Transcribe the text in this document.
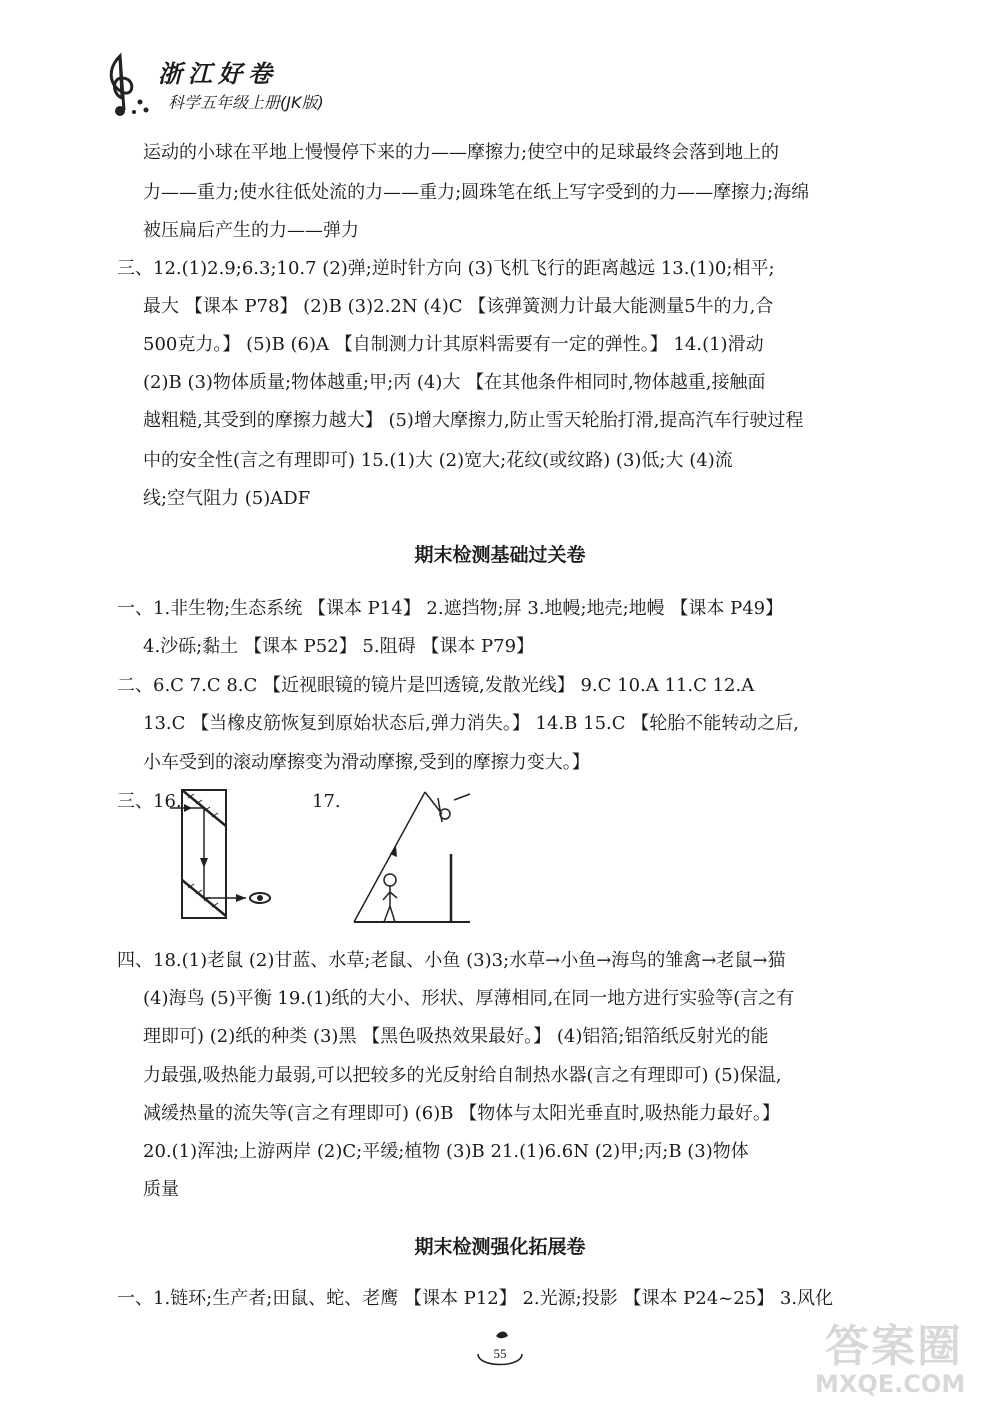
浙江好卷
科学五年级上册(JK版)
运动的小球在平地上慢慢停下来的力——摩擦力;使空中的足球最终会落到地上的
力——重力;使水往低处流的力——重力;圆珠笔在纸上写字受到的力——摩擦力;海绵
被压扁后产生的力——弹力
三、12.(1)2.9;6.3;10.7 (2)弹;逆时针方向 (3)飞机飞行的距离越远 13.(1)0;相平;
最大 【课本 P78】 (2)B (3)2.2N (4)C 【该弹簧测力计最大能测量5牛的力,合
500克力。】 (5)B (6)A 【自制测力计其原料需要有一定的弹性。】 14.(1)滑动
(2)B (3)物体质量;物体越重;甲;丙 (4)大 【在其他条件相同时,物体越重,接触面
越粗糙,其受到的摩擦力越大】 (5)增大摩擦力,防止雪天轮胎打滑,提高汽车行驶过程
中的安全性(言之有理即可) 15.(1)大 (2)宽大;花纹(或纹路) (3)低;大 (4)流
线;空气阻力 (5)ADF
期末检测基础过关卷
一、1.非生物;生态系统 【课本 P14】 2.遮挡物;屏 3.地幔;地壳;地幔 【课本 P49】
4.沙砾;黏土 【课本 P52】 5.阻碍 【课本 P79】
二、6.C 7.C 8.C 【近视眼镜的镜片是凹透镜,发散光线】 9.C 10.A 11.C 12.A
13.C 【当橡皮筋恢复到原始状态后,弹力消失。】 14.B 15.C 【轮胎不能转动之后,
小车受到的滚动摩擦变为滑动摩擦,受到的摩擦力变大。】
三、16.	17.
四、18.(1)老鼠 (2)甘蓝、水草;老鼠、小鱼 (3)3;水草→小鱼→海鸟的雏禽→老鼠→猫
(4)海鸟 (5)平衡 19.(1)纸的大小、形状、厚薄相同,在同一地方进行实验等(言之有
理即可) (2)纸的种类 (3)黑 【黑色吸热效果最好。】 (4)铝箔;铝箔纸反射光的能
力最强,吸热能力最弱,可以把较多的光反射给自制热水器(言之有理即可) (5)保温,
减缓热量的流失等(言之有理即可) (6)B 【物体与太阳光垂直时,吸热能力最好。】
20.(1)浑浊;上游两岸 (2)C;平缓;植物 (3)B 21.(1)6.6N (2)甲;丙;B (3)物体
质量
期末检测强化拓展卷
一、1.链环;生产者;田鼠、蛇、老鹰 【课本 P12】 2.光源;投影 【课本 P24~25】 3.风化
55	答案圈
MXQE.COM
